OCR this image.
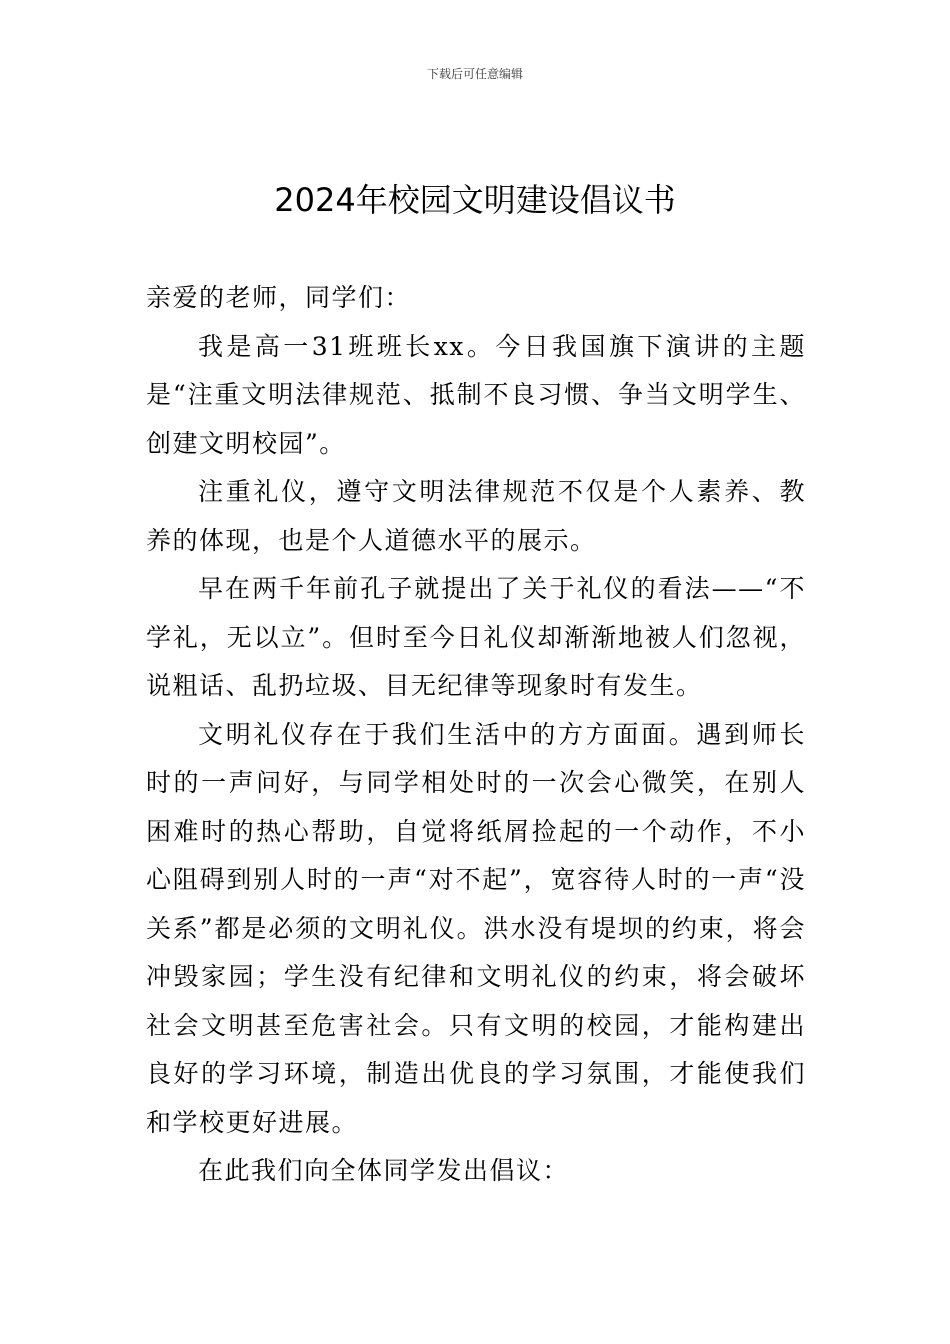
下载后可任意编辑
2024年校园文明建设倡议书

亲爱的老师，同学们：

我是高一31班班长xx。今日我国旗下演讲的主题是“注重文明法律规范、抵制不良习惯、争当文明学生、创建文明校园”。

注重礼仪，遵守文明法律规范不仅是个人素养、教养的体现，也是个人道德水平的展示。

早在两千年前孔子就提出了关于礼仪的看法——“不学礼，无以立”。但时至今日礼仪却渐渐地被人们忽视，说粗话、乱扔垃圾、目无纪律等现象时有发生。

文明礼仪存在于我们生活中的方方面面。遇到师长时的一声问好，与同学相处时的一次会心微笑，在别人困难时的热心帮助，自觉将纸屑捡起的一个动作，不小心阻碍到别人时的一声“对不起”，宽容待人时的一声“没关系”都是必须的文明礼仪。洪水没有堤坝的约束，将会冲毁家园；学生没有纪律和文明礼仪的约束，将会破坏社会文明甚至危害社会。只有文明的校园，才能构建出良好的学习环境，制造出优良的学习氛围，才能使我们和学校更好进展。

在此我们向全体同学发出倡议：
